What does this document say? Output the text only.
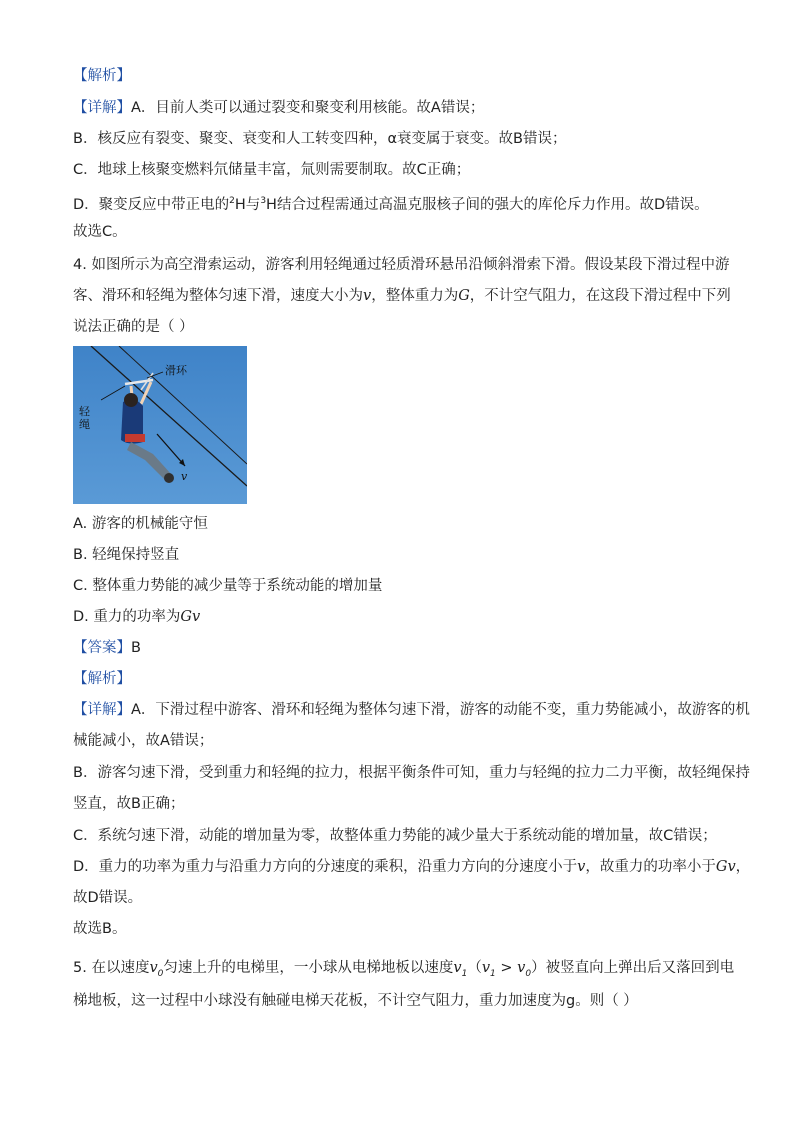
【解析】
【详解】A．目前人类可以通过裂变和聚变利用核能。故A错误；
B．核反应有裂变、聚变、衰变和人工转变四种，α衰变属于衰变。故B错误；
C．地球上核聚变燃料氘储量丰富，氚则需要制取。故C正确；
D．聚变反应中带正电的$^2$H与$^3$H结合过程需通过高温克服核子间的强大的库伦斥力作用。故D错误。
故选C。
4. 如图所示为高空滑索运动，游客利用轻绳通过轻质滑环悬吊沿倾斜滑索下滑。假设某段下滑过程中游
客、滑环和轻绳为整体匀速下滑，速度大小为v，整体重力为G，不计空气阻力，在这段下滑过程中下列
说法正确的是（ ）
滑环
轻
绳
v
A. 游客的机械能守恒
B. 轻绳保持竖直
C. 整体重力势能的减少量等于系统动能的增加量
D. 重力的功率为Gv
【答案】B
【解析】
【详解】A．下滑过程中游客、滑环和轻绳为整体匀速下滑，游客的动能不变，重力势能减小，故游客的机
械能减小，故A错误；
B．游客匀速下滑，受到重力和轻绳的拉力，根据平衡条件可知，重力与轻绳的拉力二力平衡，故轻绳保持
竖直，故B正确；
C．系统匀速下滑，动能的增加量为零，故整体重力势能的减少量大于系统动能的增加量，故C错误；
D．重力的功率为重力与沿重力方向的分速度的乘积，沿重力方向的分速度小于v，故重力的功率小于Gv，
故D错误。
故选B。
5. 在以速度$v_0$匀速上升的电梯里，一小球从电梯地板以速度$v_1(v_1 > v_0)$被竖直向上弹出后又落回到电
梯地板，这一过程中小球没有触碰电梯天花板，不计空气阻力，重力加速度为g。则（ ）
